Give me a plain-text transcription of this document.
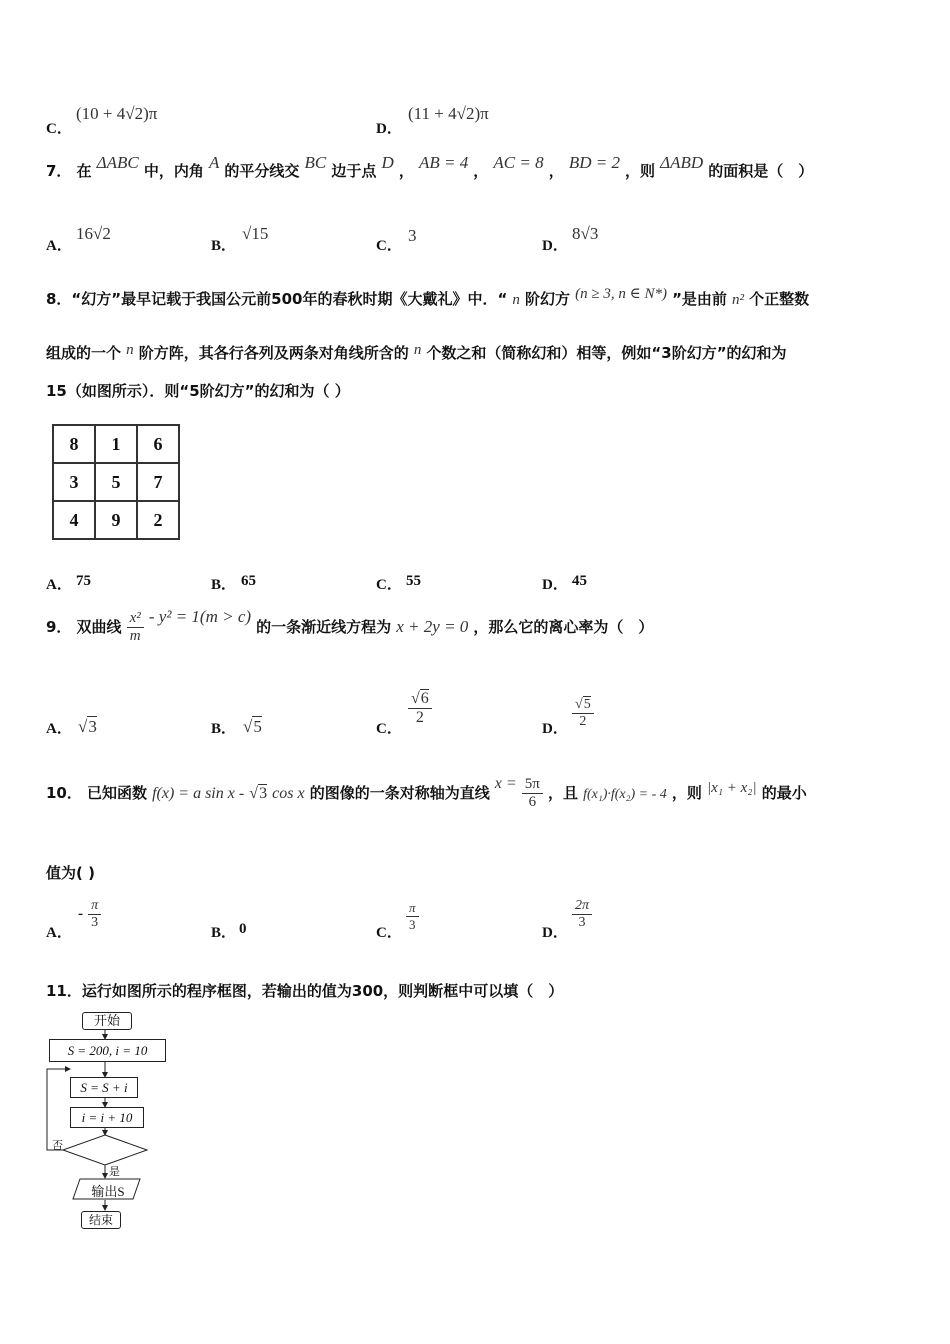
C．
(10 + 4√2)π
D．
(11 + 4√2)π
7． 在 ΔABC 中，内角 A 的平分线交 BC 边于点 D ， AB = 4 ， AC = 8 ， BD = 2 ，则 ΔABD 的面积是（　）
A．
16√2
B．
√15
C．
3
D．
8√3
8．“幻方”最早记载于我国公元前500年的春秋时期《大戴礼》中．“ n 阶幻方 (n ≥ 3, n ∈ N*) ”是由前 n² 个正整数
组成的一个 n 阶方阵，其各行各列及两条对角线所含的 n 个数之和（简称幻和）相等，例如“3阶幻方”的幻和为
15（如图所示）．则“5阶幻方”的幻和为（ ）
8	1	6
3	5	7
4	9	2
A． 75	B． 65	C． 55	D． 45
9． 双曲线 $\frac{\text{x²}}{m} - y^2 = 1(m > c)$ 的一条渐近线方程为 x + 2y = 0 ，那么它的离心率为（　）
A． √3	B． √5	C．
$\frac{√6}{2}$
D． $\frac{√5}{2}$
10． 已知函数 f(x) = a sin x - √3 cos x 的图像的一条对称轴为直线 $x = \frac{5\pi}{6}$ ，且 f(x₁)·f(x₂) = - 4 ，则 |x₁ + x₂| 的最小
值为( )
A．
- $\frac{\pi}{3}$
B． 0	C． $\frac{\pi}{3}$	D．
$\frac{2\pi}{3}$
11．运行如图所示的程序框图，若输出的值为300，则判断框中可以填（　）
开始
S = 200, i = 10
S = S + i
i = i + 10
否
是
输出S
结束
